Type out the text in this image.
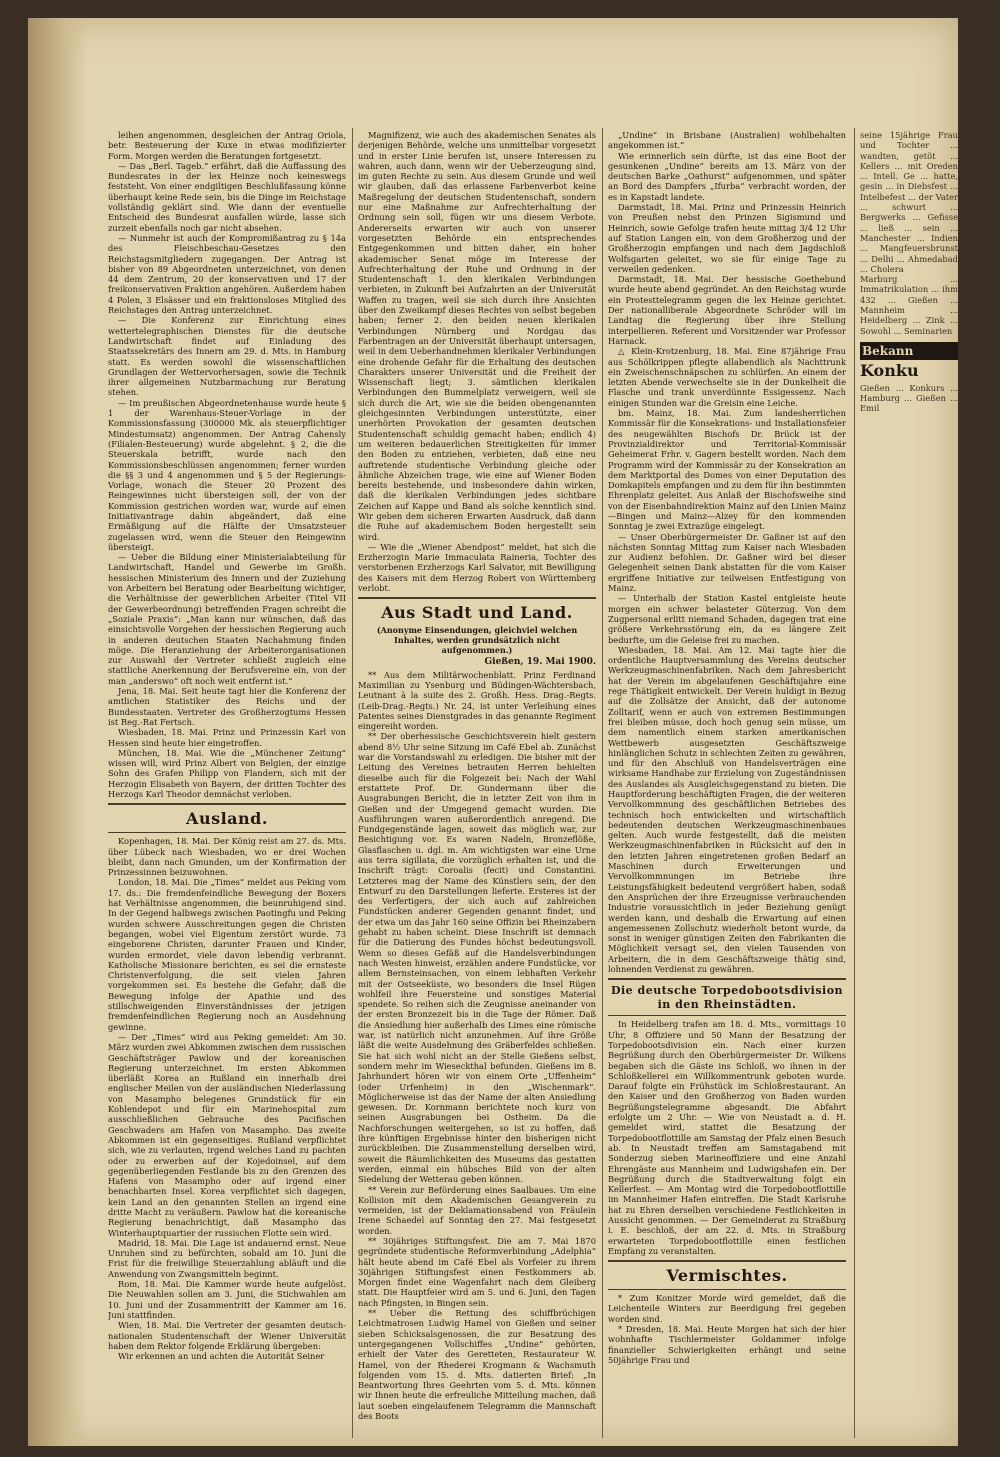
leihen angenommen, desgleichen der Antrag Oriola, betr. Besteuerung der Kuxe in etwas modifizierter Form. Morgen werden die Beratungen fortgesetzt.

— Das „Berl. Tageb.“ erfährt, daß die Auffassung des Bundesrates in der lex Heinze noch keineswegs feststeht. Von einer endgiltigen Beschlußfassung könne überhaupt keine Rede sein, bis die Dinge im Reichstage vollständig geklärt sind. Wie dann der eventuelle Entscheid des Bundesrat ausfallen würde, lasse sich zurzeit ebenfalls noch gar nicht absehen.

— Nunmehr ist auch der Kompromißantrag zu § 14a des Fleischbeschau-Gesetzes den Reichstagsmitgliedern zugegangen. Der Antrag ist bisher von 89 Abgeordneten unterzeichnet, von denen 44 dem Zentrum, 20 der konservativen und 17 der freikonservativen Fraktion angehören. Außerdem haben 4 Polen, 3 Elsässer und ein fraktionsloses Mitglied des Reichstages den Antrag unterzeichnet.

— Die Konferenz zur Einrichtung eines wettertelegraphischen Dienstes für die deutsche Landwirtschaft findet auf Einladung des Staatssekretärs des Innern am 29. d. Mts. in Hamburg statt. Es werden sowohl die wissenschaftlichen Grundlagen der Wettervorhersagen, sowie die Technik ihrer allgemeinen Nutzbarmachung zur Beratung stehen.

— Im preußischen Abgeordnetenhause wurde heute § 1 der Warenhaus-Steuer-Vorlage in der Kommissionsfassung (300000 Mk. als steuerpflichtiger Mindestumsatz) angenommen. Der Antrag Cahensly (Filialen-Besteuerung) wurde abgelehnt. § 2, die die Steuerskala betrifft, wurde nach den Kommissionsbeschlüssen angenommen; ferner wurden die §§ 3 und 4 angenommen und § 5 der Regierungs-Vorlage, wonach die Steuer 20 Prozent des Reingewinnes nicht übersteigen soll, der von der Kommission gestrichen worden war, wurde auf einen Initiativantrage dahin abgeändert, daß eine Ermäßigung auf die Hälfte der Umsatzsteuer zugelassen wird, wenn die Steuer den Reingewinn übersteigt.

— Ueber die Bildung einer Ministerialabteilung für Landwirtschaft, Handel und Gewerbe im Großh. hessischen Ministerium des Innern und der Zuziehung von Arbeitern bei Beratung oder Bearbeitung wichtiger, die Verhältnisse der gewerblichen Arbeiter (Titel VII der Gewerbeordnung) betreffenden Fragen schreibt die „Soziale Praxis“: „Man kann nur wünschen, daß das einsichtsvolle Vorgehen der hessischen Regierung auch in anderen deutschen Staaten Nachahmung finden möge. Die Heranziehung der Arbeiterorganisationen zur Auswahl der Vertreter schließt zugleich eine stattliche Anerkennung der Berufsvereine ein, von der man „anderswo“ oft noch weit entfernt ist.“

Jena, 18. Mai. Seit heute tagt hier die Konferenz der amtlichen Statistiker des Reichs und der Bundesstaaten. Vertreter des Großherzogtums Hessen ist Reg.-Rat Fertsch.

Wiesbaden, 18. Mai. Prinz und Prinzessin Karl von Hessen sind heute hier eingetroffen.

München, 18. Mai. Wie die „Münchener Zeitung“ wissen will, wird Prinz Albert von Belgien, der einzige Sohn des Grafen Philipp von Flandern, sich mit der Herzogin Elisabeth von Bayern, der dritten Tochter des Herzogs Karl Theodor demnächst verloben.

Ausland.

Kopenhagen, 18. Mai. Der König reist am 27. ds. Mts. über Lübeck nach Wiesbaden, wo er drei Wochen bleibt, dann nach Gmunden, um der Konfirmation der Prinzessinnen beizuwohnen.

London, 18. Mai. Die „Times“ meldet aus Peking vom 17. ds.: Die fremdenfeindliche Bewegung der Boxers hat Verhältnisse angenommen, die beunruhigend sind. In der Gegend halbwegs zwischen Paotingfu und Peking wurden schwere Ausschreitungen gegen die Christen begangen, wobei viel Eigentum zerstört wurde. 73 eingeborene Christen, darunter Frauen und Kinder, wurden ermordet, viele davon lebendig verbrannt. Katholische Missionare berichten, es sei die ernsteste Christenverfolgung, die seit vielen Jahren vorgekommen sei. Es bestehe die Gefahr, daß die Bewegung infolge der Apathie und des stillschweigenden Einverständnisses der jetzigen fremdenfeindlichen Regierung noch an Ausdehnung gewinne.

— Der „Times“ wird aus Peking gemeldet: Am 30. März wurden zwei Abkommen zwischen dem russischen Geschäftsträger Pawlow und der koreanischen Regierung unterzeichnet. Im ersten Abkommen überläßt Korea an Rußland ein innerhalb drei englischer Meilen von der ausländischen Niederlassung von Masampho belegenes Grundstück für ein Kohlendepot und für ein Marinehospital zum ausschließlichen Gebrauche des Pacifischen Geschwaders am Hafen von Masampho. Das zweite Abkommen ist ein gegenseitiges. Rußland verpflichtet sich, wie zu verlauten, irgend welches Land zu pachten oder zu erwerben auf der Kojedoinsel, auf dem gegenüberliegenden Festlande bis zu den Grenzen des Hafens von Masampho oder auf irgend einer benachbarten Insel. Korea verpflichtet sich dagegen, kein Land an den genannten Stellen an irgend eine dritte Macht zu veräußern. Pawlow hat die koreanische Regierung benachrichtigt, daß Masampho das Winterhauptquartier der russischen Flotte sein wird.

Madrid, 18. Mai. Die Lage ist andauernd ernst. Neue Unruhen sind zu befürchten, sobald am 10. Juni die Frist für die freiwillige Steuerzahlung abläuft und die Anwendung von Zwangsmitteln beginnt.

Rom, 18. Mai. Die Kammer wurde heute aufgelöst. Die Neuwahlen sollen am 3. Juni, die Stichwahlen am 10. Juni und der Zusammentritt der Kammer am 16. Juni stattfinden.

Wien, 18. Mai. Die Vertreter der gesamten deutsch-nationalen Studentenschaft der Wiener Universität haben dem Rektor folgende Erklärung übergeben:

Wir erkennen an und achten die Autorität Seiner

Magnifizenz, wie auch des akademischen Senates als derjenigen Behörde, welche uns unmittelbar vorgesetzt und in erster Linie berufen ist, unsere Interessen zu wahren, auch dann, wenn wir der Ueberzeugung sind, im guten Rechte zu sein. Aus diesem Grunde und weil wir glauben, daß das erlassene Farbenverbot keine Maßregelung der deutschen Studentenschaft, sondern nur eine Maßnahme zur Aufrechterhaltung der Ordnung sein soll, fügen wir uns diesem Verbote. Andererseits erwarten wir auch von unserer vorgesetzten Behörde ein entsprechendes Entgegenkommen und bitten daher, ein hoher akademischer Senat möge im Interesse der Aufrechterhaltung der Ruhe und Ordnung in der Studentenschaft 1. den klerikalen Verbindungen verbieten, in Zukunft bei Aufzahrten an der Universität Waffen zu tragen, weil sie sich durch ihre Ansichten über den Zweikampf dieses Rechtes von selbst begeben haben; ferner 2. den beiden neuen klerikalen Verbindungen Nürnberg und Nordgau das Farbentragen an der Universität überhaupt untersagen, weil in dem Ueberhandnehmen klerikaler Verbindungen eine drohende Gefahr für die Erhaltung des deutschen Charakters unserer Universität und die Freiheit der Wissenschaft liegt; 3. sämtlichen klerikalen Verbindungen den Bummelplatz verweigern, weil sie sich durch die Art, wie sie die beiden obengenannten gleichgesinnten Verbindungen unterstützte, einer unerhörten Provokation der gesamten deutschen Studentenschaft schuldig gemacht haben; endlich 4) um weiteren bedauerlichen Streitigkeiten für immer den Boden zu entziehen, verbieten, daß eine neu auftretende studentische Verbindung gleiche oder ähnliche Abzeichen trage, wie eine auf Wiener Boden bereits bestehende, und insbesondere dahin wirken, daß die klerikalen Verbindungen jedes sichtbare Zeichen auf Kappe und Band als solche kenntlich sind. Wir geben dem sicheren Erwarten Ausdruck, daß dann die Ruhe auf akademischem Boden hergestellt sein wird.

— Wie die „Wiener Abendpost“ meldet, hat sich die Erzherzogin Marie Immaculata Raineria, Tochter des verstorbenen Erzherzogs Karl Salvator, mit Bewilligung des Kaisers mit dem Herzog Robert von Württemberg verlobt.

Aus Stadt und Land.
(Anonyme Einsendungen, gleichviel welchen Inhaltes, werden grundsätzlich nicht aufgenommen.)
Gießen, 19. Mai 1900.

** Aus dem Militärwochenblatt. Prinz Ferdinand Maximilian zu Ysenburg und Büdingen-Wächtersbach, Leutnant à la suite des 2. Großh. Hess. Drag.-Regts. (Leib-Drag.-Regts.) Nr. 24, ist unter Verleihung eines Patentes seines Dienstgrades in das genannte Regiment eingereiht worden.

** Der oberhessische Geschichtsverein hielt gestern abend 8½ Uhr seine Sitzung im Café Ebel ab. Zunächst war die Vorstandswahl zu erledigen. Die bisher mit der Leitung des Vereines betrauten Herren behielten dieselbe auch für die Folgezeit bei: Nach der Wahl erstattete Prof. Dr. Gundermann über die Ausgrabungen Bericht, die in letzter Zeit von ihm in Gießen und der Umgegend gemacht wurden. Die Ausführungen waren außerordentlich anregend. Die Fundgegenstände lagen, soweit das möglich war, zur Besichtigung vor. Es waren Nadeln, Bronzeflöße, Glasflaschen u. dgl. m. Am wichtigsten war eine Urne aus terra sigillata, die vorzüglich erhalten ist, und die Inschrift trägt: Coroalis (fecit) und Constantini. Letzteres mag der Name des Künstlers sein, der den Entwurf zu den Darstellungen lieferte. Ersteres ist der des Verfertigers, der sich auch auf zahlreichen Fundstücken anderer Gegenden genannt findet, und der etwa um das Jahr 160 seine Offizin bei Rheinzabern gehabt zu haben scheint. Diese Inschrift ist demnach für die Datierung des Fundes höchst bedeutungsvoll. Wenn so dieses Gefäß auf die Handelsverbindungen nach Westen hinweist, erzählen andere Fundstücke, vor allem Bernsteinsachen, von einem lebhaften Verkehr mit der Ostseeküste, wo besonders die Insel Rügen wohlfeil ihre Feuersteine und sonstiges Material spendete. So reihen sich die Zeugnisse aneinander von der ersten Bronzezeit bis in die Tage der Römer. Daß die Ansiedlung hier außerhalb des Limes eine römische war, ist natürlich nicht anzunehmen. Auf ihre Größe läßt die weite Ausdehnung des Gräberfeldes schließen. Sie hat sich wohl nicht an der Stelle Gießens selbst, sondern mehr im Wieseckthal befunden. Gießens im 8. Jahrhundert hören wir von einem Orte „Uffenheim“ (oder Urfenheim) in den „Wischenmark“. Möglicherweise ist das der Name der alten Ansiedlung gewesen. Dr. Kornmann berichtete noch kurz von seinen Ausgrabungen bei Ostheim. Da die Nachforschungen weitergehen, so ist zu hoffen, daß ihre künftigen Ergebnisse hinter den bisherigen nicht zurückbleiben. Die Zusammenstellung derselben wird, soweit die Räumlichkeiten des Museums das gestatten werden, einmal ein hübsches Bild von der alten Siedelung der Wetterau geben können.

** Verein zur Beförderung eines Saalbaues. Um eine Kollision mit dem Akademischen Gesangverein zu vermeiden, ist der Deklamationsabend von Fräulein Irene Schaedel auf Sonntag den 27. Mai festgesetzt worden.

** 30jähriges Stiftungsfest. Die am 7. Mai 1870 gegründete studentische Reformverbindung „Adelphia“ hält heute abend im Café Ebel als Vorfeier zu ihrem 30jährigen Stiftungsfest einen Festkommers ab. Morgen findet eine Wagenfahrt nach dem Gleiberg statt. Die Hauptfeier wird am 5. und 6. Juni, den Tagen nach Pfingsten, in Bingen sein.

** Ueber die Rettung des schiffbrüchigen Leichtmatrosen Ludwig Hamel von Gießen und seiner sieben Schicksalsgenossen, die zur Besatzung des untergegangenen Vollschiffes „Undine“ gehörten, erhielt der Vater des Geretteten, Restaurateur W. Hamel, von der Rhederei Krogmann & Wachsmuth folgenden vom 15. d. Mts. datierten Brief: „In Beantwortung Ihres Geehrten vom 5. d. Mts. können wir Ihnen heute die erfreuliche Mitteilung machen, daß laut soeben eingelaufenem Telegramm die Mannschaft des Boots

„Undine“ in Brisbane (Australien) wohlbehalten angekommen ist.“

Wie erinnerlich sein dürfte, ist das eine Boot der gesunkenen „Undine“ bereits am 13. März von der deutschen Barke „Oathurst“ aufgenommen, und später an Bord des Dampfers „Ifurba“ verbracht worden, der es in Kapstadt landete.

Darmstadt, 18. Mai. Prinz und Prinzessin Heinrich von Preußen nebst den Prinzen Sigismund und Heinrich, sowie Gefolge trafen heute mittag 3/4 12 Uhr auf Station Langen ein, von dem Großherzog und der Großherzogin empfangen und nach dem Jagdschloß Wolfsgarten geleitet, wo sie für einige Tage zu verweilen gedenken.

Darmstadt, 18. Mai. Der hessische Goethebund wurde heute abend gegründet. An den Reichstag wurde ein Protesttelegramm gegen die lex Heinze gerichtet. Der nationalliberale Abgeordnete Schröder will im Landtag die Regierung über ihre Stellung interpellieren. Referent und Vorsitzender war Professor Harnack.

△ Klein-Krotzenburg, 18. Mai. Eine 87jährige Frau aus Schölkrippen pflegte allabendlich als Nachttrunk ein Zweischenschnäpschen zu schlürfen. An einem der letzten Abende verwechselte sie in der Dunkelheit die Flasche und trank unverdünnte Essigessenz. Nach einigen Stunden war die Greisin eine Leiche.

bm. Mainz, 18. Mai. Zum landesherrlichen Kommissär für die Konsekrations- und Installationsfeier des neugewählten Bischofs Dr. Brück ist der Provinzialdirektor und Territorial-Kommissär Geheimerat Frhr. v. Gagern bestellt worden. Nach dem Programm wird der Kommissär zu der Konsekration an dem Marktportal des Domes von einer Deputation des Domkapitels empfangen und zu dem für ihn bestimmten Ehrenplatz geleitet. Aus Anlaß der Bischofsweihe sind von der Eisenbahndirektion Mainz auf den Linien Mainz—Bingen und Mainz—Alzey für den kommenden Sonntag je zwei Extrazüge eingelegt.

— Unser Oberbürgermeister Dr. Gaßner ist auf den nächsten Sonntag Mittag zum Kaiser nach Wiesbaden zur Audienz befohlen. Dr. Gaßner wird bei dieser Gelegenheit seinen Dank abstatten für die vom Kaiser ergriffene Initiative zur teilweisen Entfestigung von Mainz.

— Unterhalb der Station Kastel entgleiste heute morgen ein schwer belasteter Güterzug. Von dem Zugpersonal erlitt niemand Schaden, dagegen trat eine größere Verkehrsstörung ein, da es längere Zeit bedurfte, um die Geleise frei zu machen.

Wiesbaden, 18. Mai. Am 12. Mai tagte hier die ordentliche Hauptversammlung des Vereins deutscher Werkzeugmaschinenfabriken. Nach dem Jahresbericht hat der Verein im abgelaufenen Geschäftsjahre eine rege Thätigkeit entwickelt. Der Verein huldigt in Bezug auf die Zollsätze der Ansicht, daß der autonome Zolltarif, wenn er auch von extremen Bestimmungen frei bleiben müsse, doch hoch genug sein müsse, um dem namentlich einem starken amerikanischen Wettbewerb ausgesetzten Geschäftszweige hinlänglichen Schutz in schlechten Zeiten zu gewähren, und für den Abschluß von Handelsverträgen eine wirksame Handhabe zur Erzielung von Zugeständnissen des Auslandes als Ausgleichsgegenstand zu bieten. Die Hauptforderung beschäftigten Fragen, die der weiteren Vervollkommnung des geschäftlichen Betriebes des technisch hoch entwickelten und wirtschaftlich bedeutenden deutschen Werkzeugmaschinenbaues gelten. Auch wurde festgestellt, daß die meisten Werkzeugmaschinenfabriken in Rücksicht auf den in den letzten Jahren eingetretenen großen Bedarf an Maschinen durch Erweiterungen und Vervollkommnungen im Betriebe ihre Leistungsfähigkeit bedeutend vergrößert haben, sodaß den Ansprüchen der ihre Erzeugnisse verbrauchenden Industrie voraussichtlich in jeder Beziehung genügt werden kann, und deshalb die Erwartung auf einen angemessenen Zollschutz wiederholt betont wurde, da sonst in weniger günstigen Zeiten den Fabrikanten die Möglichkeit versagt sei, den vielen Tausenden von Arbeitern, die in dem Geschäftszweige thätig sind, lohnenden Verdienst zu gewähren.

Die deutsche Torpedobootsdivision in den Rheinstädten.

In Heidelberg trafen am 18. d. Mts., vormittags 10 Uhr, 8 Offiziere und 50 Mann der Besatzung der Torpedobootsdivision ein. Nach einer kurzen Begrüßung durch den Oberbürgermeister Dr. Wilkens begaben sich die Gäste ins Schloß, wo ihnen in der Schloßkellerei ein Willkommentrunk geboten wurde. Darauf folgte ein Frühstück im Schloßrestaurant. An den Kaiser und den Großherzog von Baden wurden Begrüßungstelegramme abgesandt. Die Abfahrt erfolgte um 2 Uhr. — Wie von Neustadt a. d. H. gemeldet wird, stattet die Besatzung der Torpedobootflottille am Samstag der Pfalz einen Besuch ab. In Neustadt treffen am Samstagabend mit Sonderzug sieben Marineoffiziere und eine Anzahl Ehrengäste aus Mannheim und Ludwigshafen ein. Der Begrüßung durch die Stadtverwaltung folgt ein Kellerfest. — Am Montag wird die Torpedobootflottille im Mannheimer Hafen eintreffen. Die Stadt Karlsruhe hat zu Ehren derselben verschiedene Festlichkeiten in Aussicht genommen. — Der Gemeinderat zu Straßburg i. E. beschloß, der am 22. d. Mts. in Straßburg erwarteten Torpedobootflottille einen festlichen Empfang zu veranstalten.

Vermischtes.

* Zum Konitzer Morde wird gemeldet, daß die Leichenteile Winters zur Beerdigung frei gegeben worden sind.

* Dresden, 18. Mai. Heute Morgen hat sich der hier wohnhafte Tischlermeister Goldammer infolge finanzieller Schwierigkeiten erhängt und seine 50jährige Frau und

seine 15jährige Frau und Tochter ... wandten, getöt ... Kellers ... mit Oreden ... Intell. Ge ... hatte, gesin ... in Diebsfest ... Intelbefest ... der Vater ... schwurt ... Bergwerks ... Gefisse ... ließ ... sein ... Manchester ... Indien ... Mangfeuersbrunst ... Delhi ... Ahmedabad ... Cholera

Marburg ... Immatrikulation ... ihm 432 ... Gießen ... Mannheim ... Heidelberg ... Zink ... Sowohl ... Seminarien

Bekann
Konku

Gießen ... Konkurs ... Hamburg ... Gießen ... Emil
